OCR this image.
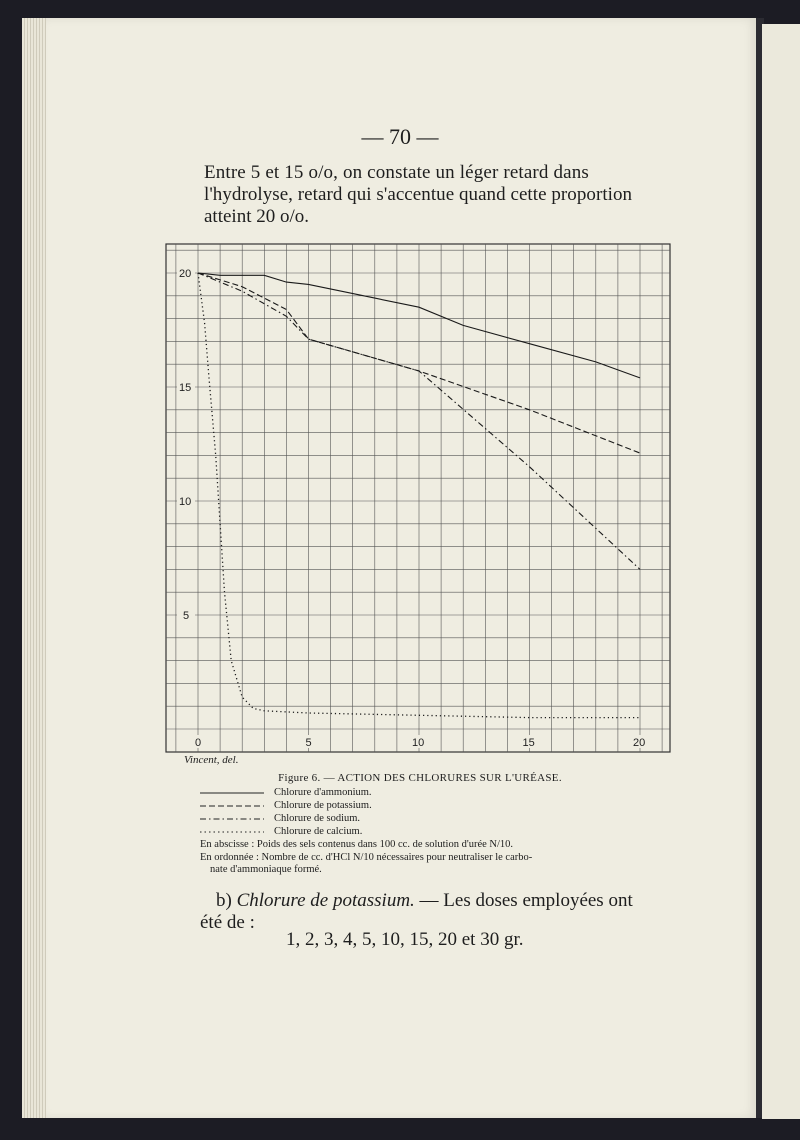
— 70 —
Entre 5 et 15 o/o, on constate un léger retard dans
l'hydrolyse, retard qui s'accentue quand cette proportion
atteint 20 o/o.
0	5	10	15	20
5
10
15
20
Vincent, del.
Figure 6. — ACTION DES CHLORURES SUR L'URÉASE.
Chlorure d'ammonium.
Chlorure de potassium.
Chlorure de sodium.
Chlorure de calcium.
En abscisse : Poids des sels contenus dans 100 cc. de solution d'urée N/10.
En ordonnée : Nombre de cc. d'HCl N/10 nécessaires pour neutraliser le carbo-
nate d'ammoniaque formé.
b) Chlorure de potassium. — Les doses employées ont
été de :
1, 2, 3, 4, 5, 10, 15, 20 et 30 gr.
